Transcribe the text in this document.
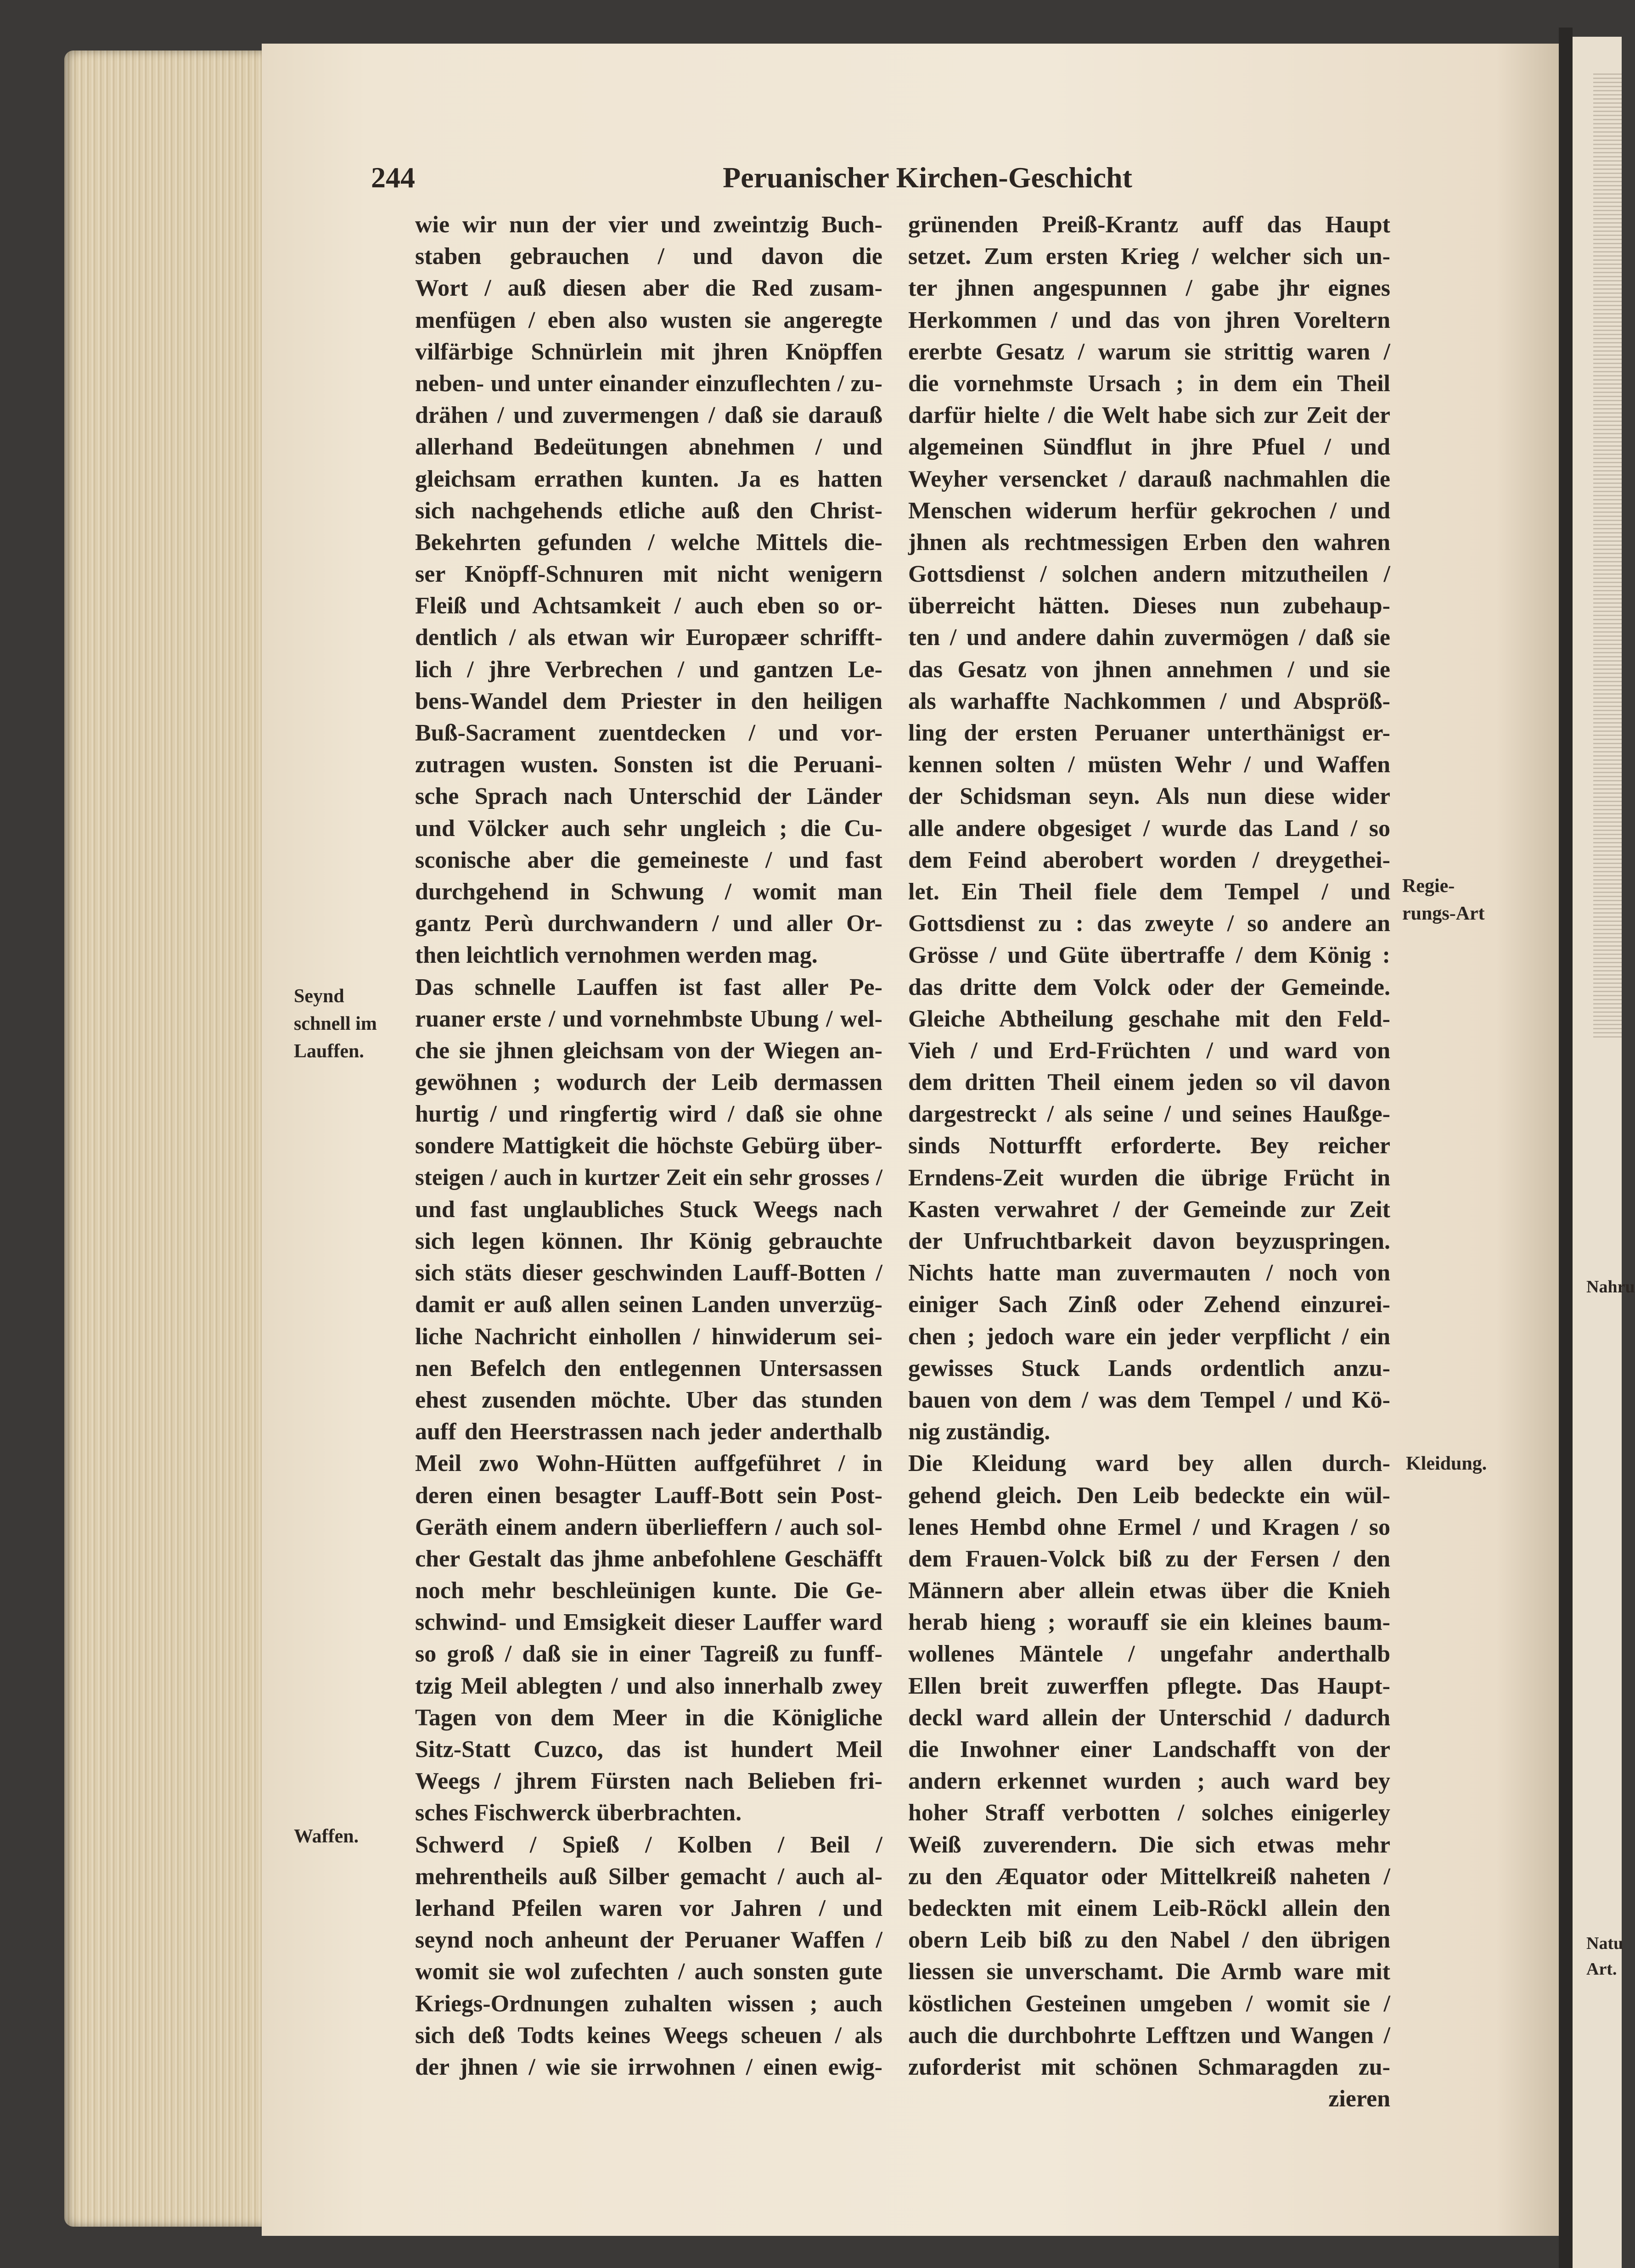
244	Peruanischer Kirchen-Geschicht
wie wir nun der vier und zweintzig Buch-
staben gebrauchen / und davon die
Wort / auß diesen aber die Red zusam-
menfügen / eben also wusten sie angeregte
vilfärbige Schnürlein mit jhren Knöpffen
neben- und unter einander einzuflechten / zu-
drähen / und zuvermengen / daß sie darauß
allerhand Bedeütungen abnehmen / und
gleichsam errathen kunten. Ja es hatten
sich nachgehends etliche auß den Christ-
Bekehrten gefunden / welche Mittels die-
ser Knöpff-Schnuren mit nicht wenigern
Fleiß und Achtsamkeit / auch eben so or-
dentlich / als etwan wir Europæer schrifft-
lich / jhre Verbrechen / und gantzen Le-
bens-Wandel dem Priester in den heiligen
Buß-Sacrament zuentdecken / und vor-
zutragen wusten. Sonsten ist die Peruani-
sche Sprach nach Unterschid der Länder
und Völcker auch sehr ungleich ; die Cu-
sconische aber die gemeineste / und fast
durchgehend in Schwung / womit man
gantz Perù durchwandern / und aller Or-
then leichtlich vernohmen werden mag.
Das schnelle Lauffen ist fast aller Pe-
ruaner erste / und vornehmbste Ubung / wel-
che sie jhnen gleichsam von der Wiegen an-
gewöhnen ; wodurch der Leib dermassen
hurtig / und ringfertig wird / daß sie ohne
sondere Mattigkeit die höchste Gebürg über-
steigen / auch in kurtzer Zeit ein sehr grosses /
und fast unglaubliches Stuck Weegs nach
sich legen können. Ihr König gebrauchte
sich stäts dieser geschwinden Lauff-Botten /
damit er auß allen seinen Landen unverzüg-
liche Nachricht einhollen / hinwiderum sei-
nen Befelch den entlegennen Untersassen
ehest zusenden möchte. Uber das stunden
auff den Heerstrassen nach jeder anderthalb
Meil zwo Wohn-Hütten auffgeführet / in
deren einen besagter Lauff-Bott sein Post-
Geräth einem andern überlieffern / auch sol-
cher Gestalt das jhme anbefohlene Geschäfft
noch mehr beschleünigen kunte. Die Ge-
schwind- und Emsigkeit dieser Lauffer ward
so groß / daß sie in einer Tagreiß zu funff-
tzig Meil ablegten / und also innerhalb zwey
Tagen von dem Meer in die Königliche
Sitz-Statt Cuzco, das ist hundert Meil
Weegs / jhrem Fürsten nach Belieben fri-
sches Fischwerck überbrachten.
Schwerd / Spieß / Kolben / Beil /
mehrentheils auß Silber gemacht / auch al-
lerhand Pfeilen waren vor Jahren / und
seynd noch anheunt der Peruaner Waffen /
womit sie wol zufechten / auch sonsten gute
Kriegs-Ordnungen zuhalten wissen ; auch
sich deß Todts keines Weegs scheuen / als
der jhnen / wie sie irrwohnen / einen ewig-
grünenden Preiß-Krantz auff das Haupt
setzet. Zum ersten Krieg / welcher sich un-
ter jhnen angespunnen / gabe jhr eignes
Herkommen / und das von jhren Voreltern
ererbte Gesatz / warum sie strittig waren /
die vornehmste Ursach ; in dem ein Theil
darfür hielte / die Welt habe sich zur Zeit der
algemeinen Sündflut in jhre Pfuel / und
Weyher versencket / darauß nachmahlen die
Menschen widerum herfür gekrochen / und
jhnen als rechtmessigen Erben den wahren
Gottsdienst / solchen andern mitzutheilen /
überreicht hätten. Dieses nun zubehaup-
ten / und andere dahin zuvermögen / daß sie
das Gesatz von jhnen annehmen / und sie
als warhaffte Nachkommen / und Abspröß-
ling der ersten Peruaner unterthänigst er-
kennen solten / müsten Wehr / und Waffen
der Schidsman seyn. Als nun diese wider
alle andere obgesiget / wurde das Land / so
dem Feind aberobert worden / dreygethei-
let. Ein Theil fiele dem Tempel / und
Gottsdienst zu : das zweyte / so andere an
Grösse / und Güte übertraffe / dem König :
das dritte dem Volck oder der Gemeinde.
Gleiche Abtheilung geschahe mit den Feld-
Vieh / und Erd-Früchten / und ward von
dem dritten Theil einem jeden so vil davon
dargestreckt / als seine / und seines Haußge-
sinds Notturfft erforderte. Bey reicher
Erndens-Zeit wurden die übrige Frücht in
Kasten verwahret / der Gemeinde zur Zeit
der Unfruchtbarkeit davon beyzuspringen.
Nichts hatte man zuvermauten / noch von
einiger Sach Zinß oder Zehend einzurei-
chen ; jedoch ware ein jeder verpflicht / ein
gewisses Stuck Lands ordentlich anzu-
bauen von dem / was dem Tempel / und Kö-
nig zuständig.
Die Kleidung ward bey allen durch-
gehend gleich. Den Leib bedeckte ein wül-
lenes Hembd ohne Ermel / und Kragen / so
dem Frauen-Volck biß zu der Fersen / den
Männern aber allein etwas über die Knieh
herab hieng ; worauff sie ein kleines baum-
wollenes Mäntele / ungefahr anderthalb
Ellen breit zuwerffen pflegte. Das Haupt-
deckl ward allein der Unterschid / dadurch
die Inwohner einer Landschafft von der
andern erkennet wurden ; auch ward bey
hoher Straff verbotten / solches einigerley
Weiß zuverendern. Die sich etwas mehr
zu den Æquator oder Mittelkreiß naheten /
bedeckten mit einem Leib-Röckl allein den
obern Leib biß zu den Nabel / den übrigen
liessen sie unverschamt. Die Armb ware mit
köstlichen Gesteinen umgeben / womit sie /
auch die durchbohrte Lefftzen und Wangen /
zuforderist mit schönen Schmaragden zu-
zieren
Seynd
schnell im
Lauffen.
Waffen.
Regie-
rungs-Art
Kleidung.
Nahru
Natu
Art.
